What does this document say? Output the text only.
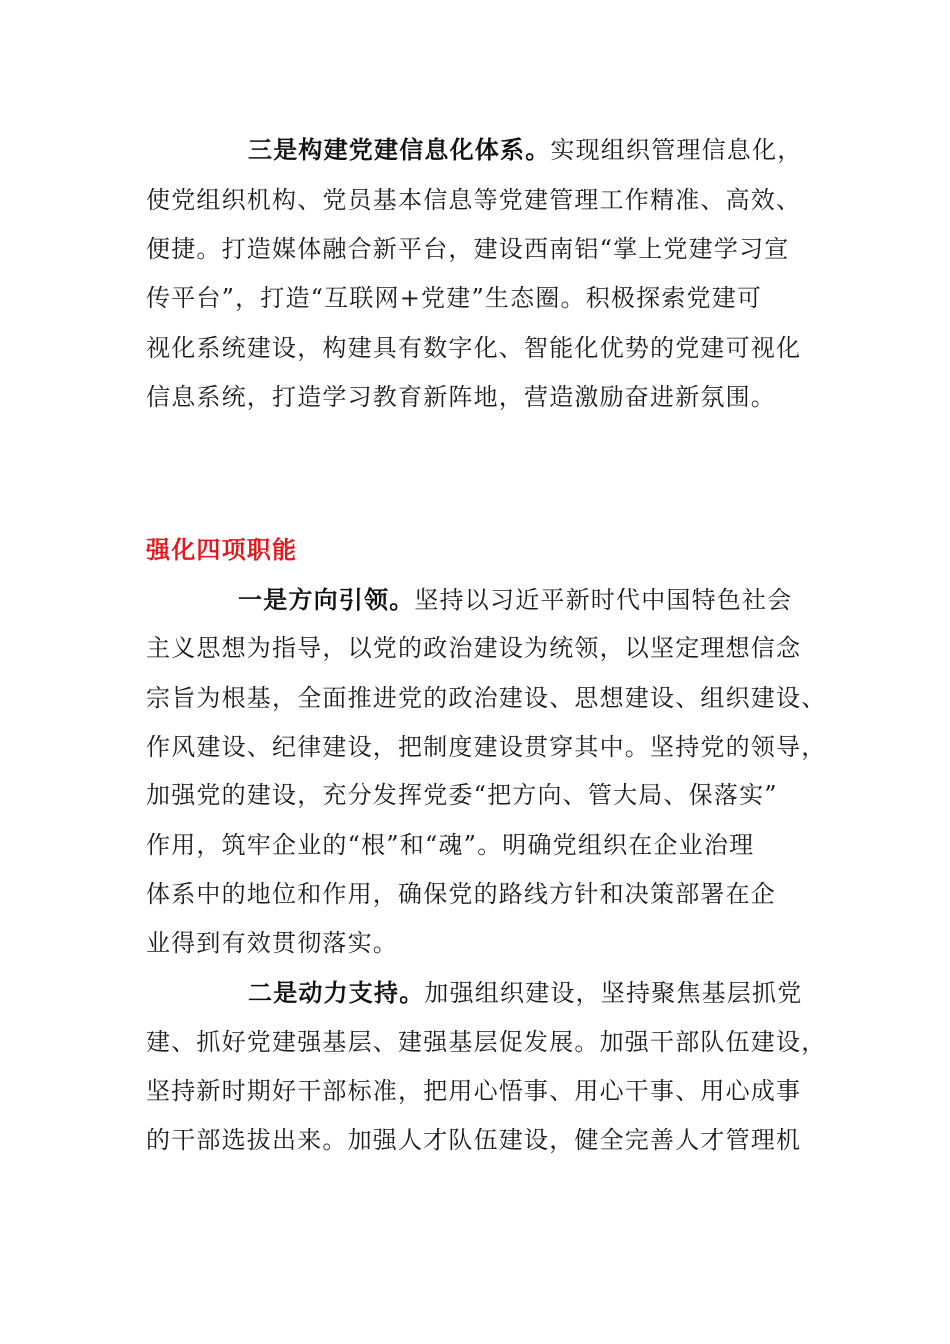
三是构建党建信息化体系。实现组织管理信息化，
使党组织机构、党员基本信息等党建管理工作精准、高效、
便捷。打造媒体融合新平台，建设西南铝“掌上党建学习宣
传平台”，打造“互联网+党建”生态圈。积极探索党建可
视化系统建设，构建具有数字化、智能化优势的党建可视化
信息系统，打造学习教育新阵地，营造激励奋进新氛围。
强化四项职能
一是方向引领。坚持以习近平新时代中国特色社会
主义思想为指导，以党的政治建设为统领，以坚定理想信念
宗旨为根基，全面推进党的政治建设、思想建设、组织建设、
作风建设、纪律建设，把制度建设贯穿其中。坚持党的领导，
加强党的建设，充分发挥党委“把方向、管大局、保落实”
作用，筑牢企业的“根”和“魂”。明确党组织在企业治理
体系中的地位和作用，确保党的路线方针和决策部署在企
业得到有效贯彻落实。
二是动力支持。加强组织建设，坚持聚焦基层抓党
建、抓好党建强基层、建强基层促发展。加强干部队伍建设，
坚持新时期好干部标准，把用心悟事、用心干事、用心成事
的干部选拔出来。加强人才队伍建设，健全完善人才管理机
